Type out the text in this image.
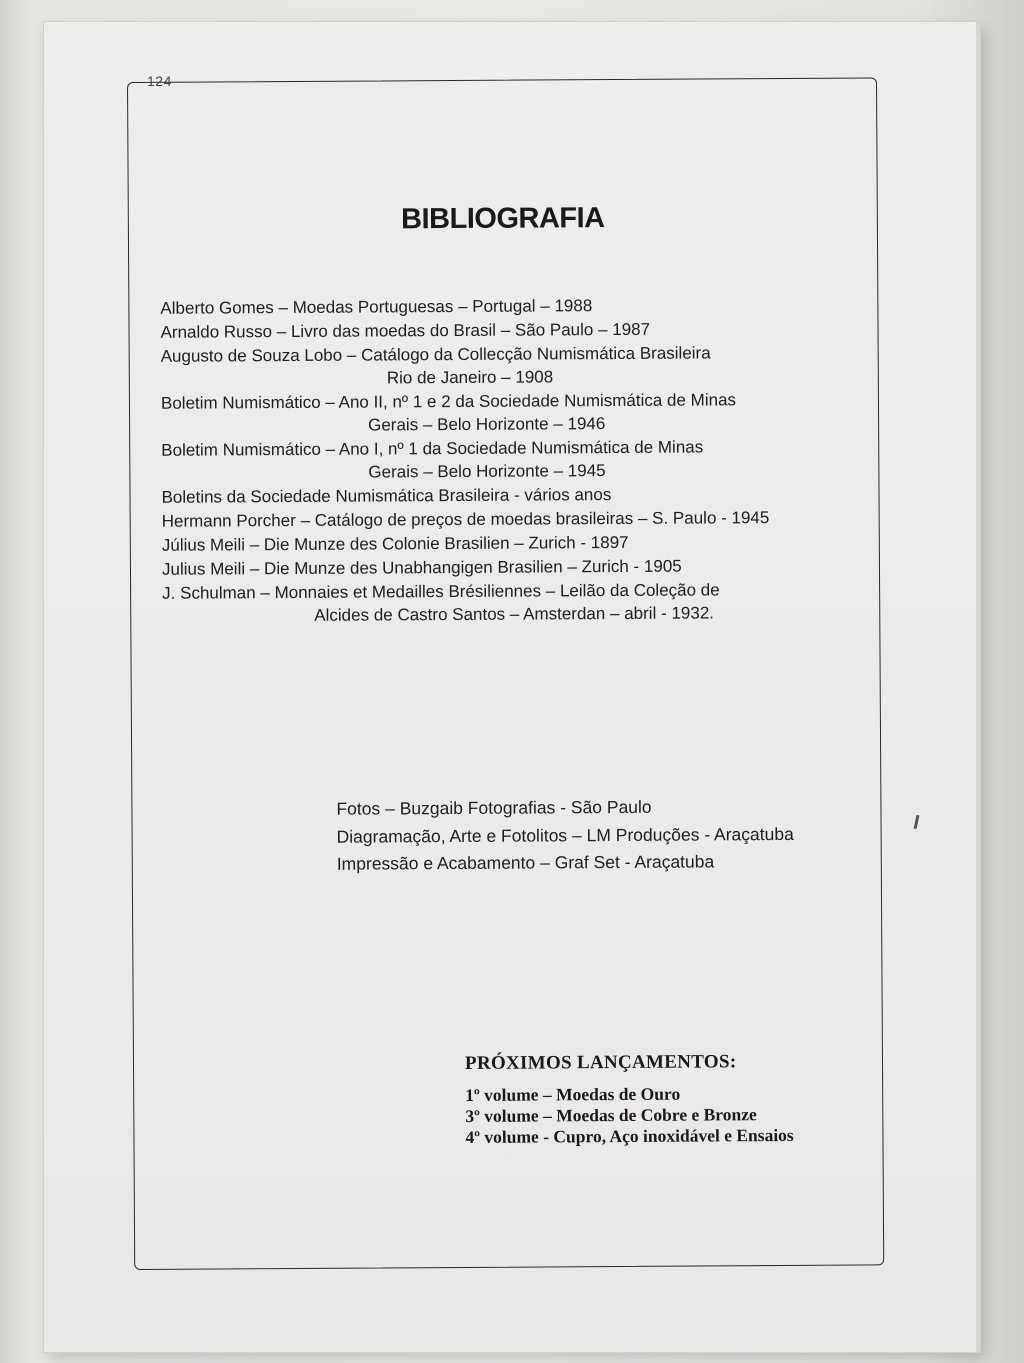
124
BIBLIOGRAFIA
Alberto Gomes – Moedas Portuguesas – Portugal – 1988
Arnaldo Russo – Livro das moedas do Brasil – São Paulo – 1987
Augusto de Souza Lobo – Catálogo da Collecção Numismática Brasileira
Rio de Janeiro – 1908
Boletim Numismático – Ano II, nº 1 e 2 da Sociedade Numismática de Minas
Gerais – Belo Horizonte – 1946
Boletim Numismático – Ano I, nº 1 da Sociedade Numismática de Minas
Gerais – Belo Horizonte – 1945
Boletins da Sociedade Numismática Brasileira - vários anos
Hermann Porcher – Catálogo de preços de moedas brasileiras – S. Paulo - 1945
Július Meili – Die Munze des Colonie Brasilien – Zurich - 1897
Julius Meili – Die Munze des Unabhangigen Brasilien – Zurich - 1905
J. Schulman – Monnaies et Medailles Brésiliennes – Leilão da Coleção de
Alcides de Castro Santos – Amsterdan – abril - 1932.
Fotos – Buzgaib Fotografias - São Paulo
Diagramação, Arte e Fotolitos – LM Produções - Araçatuba
Impressão e Acabamento – Graf Set - Araçatuba
PRÓXIMOS LANÇAMENTOS:
1º volume – Moedas de Ouro
3º volume – Moedas de Cobre e Bronze
4º volume - Cupro, Aço inoxidável e Ensaios
